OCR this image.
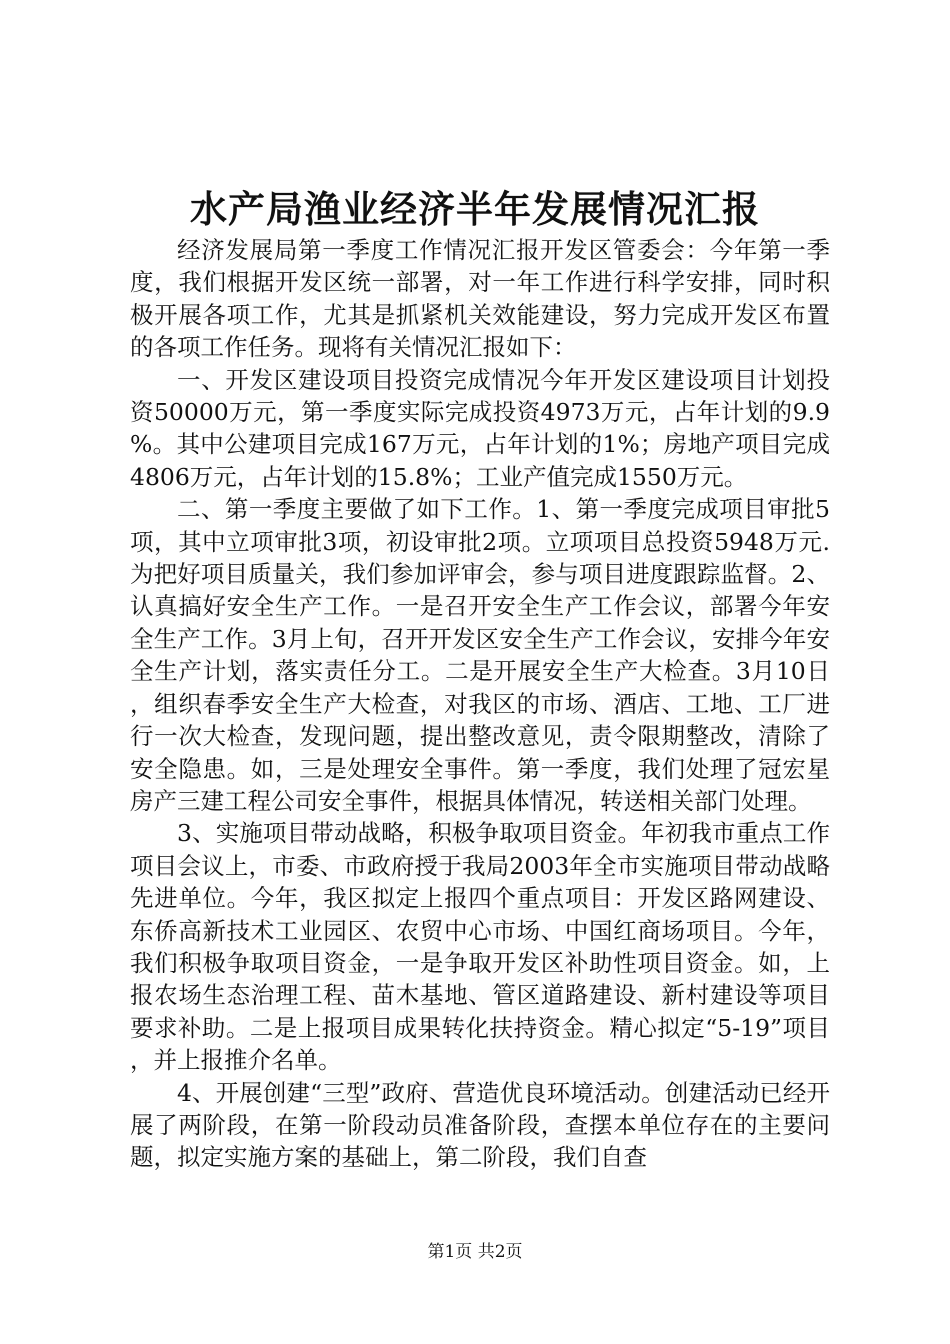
水产局渔业经济半年发展情况汇报

经济发展局第一季度工作情况汇报开发区管委会：今年第一季度，我们根据开发区统一部署，对一年工作进行科学安排，同时积极开展各项工作，尤其是抓紧机关效能建设，努力完成开发区布置的各项工作任务。现将有关情况汇报如下：

一、开发区建设项目投资完成情况今年开发区建设项目计划投资50000万元，第一季度实际完成投资4973万元，占年计划的9.9%。其中公建项目完成167万元，占年计划的1%；房地产项目完成4806万元，占年计划的15.8%；工业产值完成1550万元。

二、第一季度主要做了如下工作。1、第一季度完成项目审批5项，其中立项审批3项，初设审批2项。立项项目总投资5948万元.为把好项目质量关，我们参加评审会，参与项目进度跟踪监督。2、认真搞好安全生产工作。一是召开安全生产工作会议，部署今年安全生产工作。3月上旬，召开开发区安全生产工作会议，安排今年安全生产计划，落实责任分工。二是开展安全生产大检查。3月10日，组织春季安全生产大检查，对我区的市场、酒店、工地、工厂进行一次大检查，发现问题，提出整改意见，责令限期整改，清除了安全隐患。如，三是处理安全事件。第一季度，我们处理了冠宏星房产三建工程公司安全事件，根据具体情况，转送相关部门处理。

3、实施项目带动战略，积极争取项目资金。年初我市重点工作项目会议上，市委、市政府授于我局2003年全市实施项目带动战略先进单位。今年，我区拟定上报四个重点项目：开发区路网建设、东侨高新技术工业园区、农贸中心市场、中国红商场项目。今年，我们积极争取项目资金，一是争取开发区补助性项目资金。如，上报农场生态治理工程、苗木基地、管区道路建设、新村建设等项目要求补助。二是上报项目成果转化扶持资金。精心拟定“5-19”项目，并上报推介名单。

4、开展创建“三型”政府、营造优良环境活动。创建活动已经开展了两阶段，在第一阶段动员准备阶段，查摆本单位存在的主要问题，拟定实施方案的基础上，第二阶段，我们自查

第1页 共2页
